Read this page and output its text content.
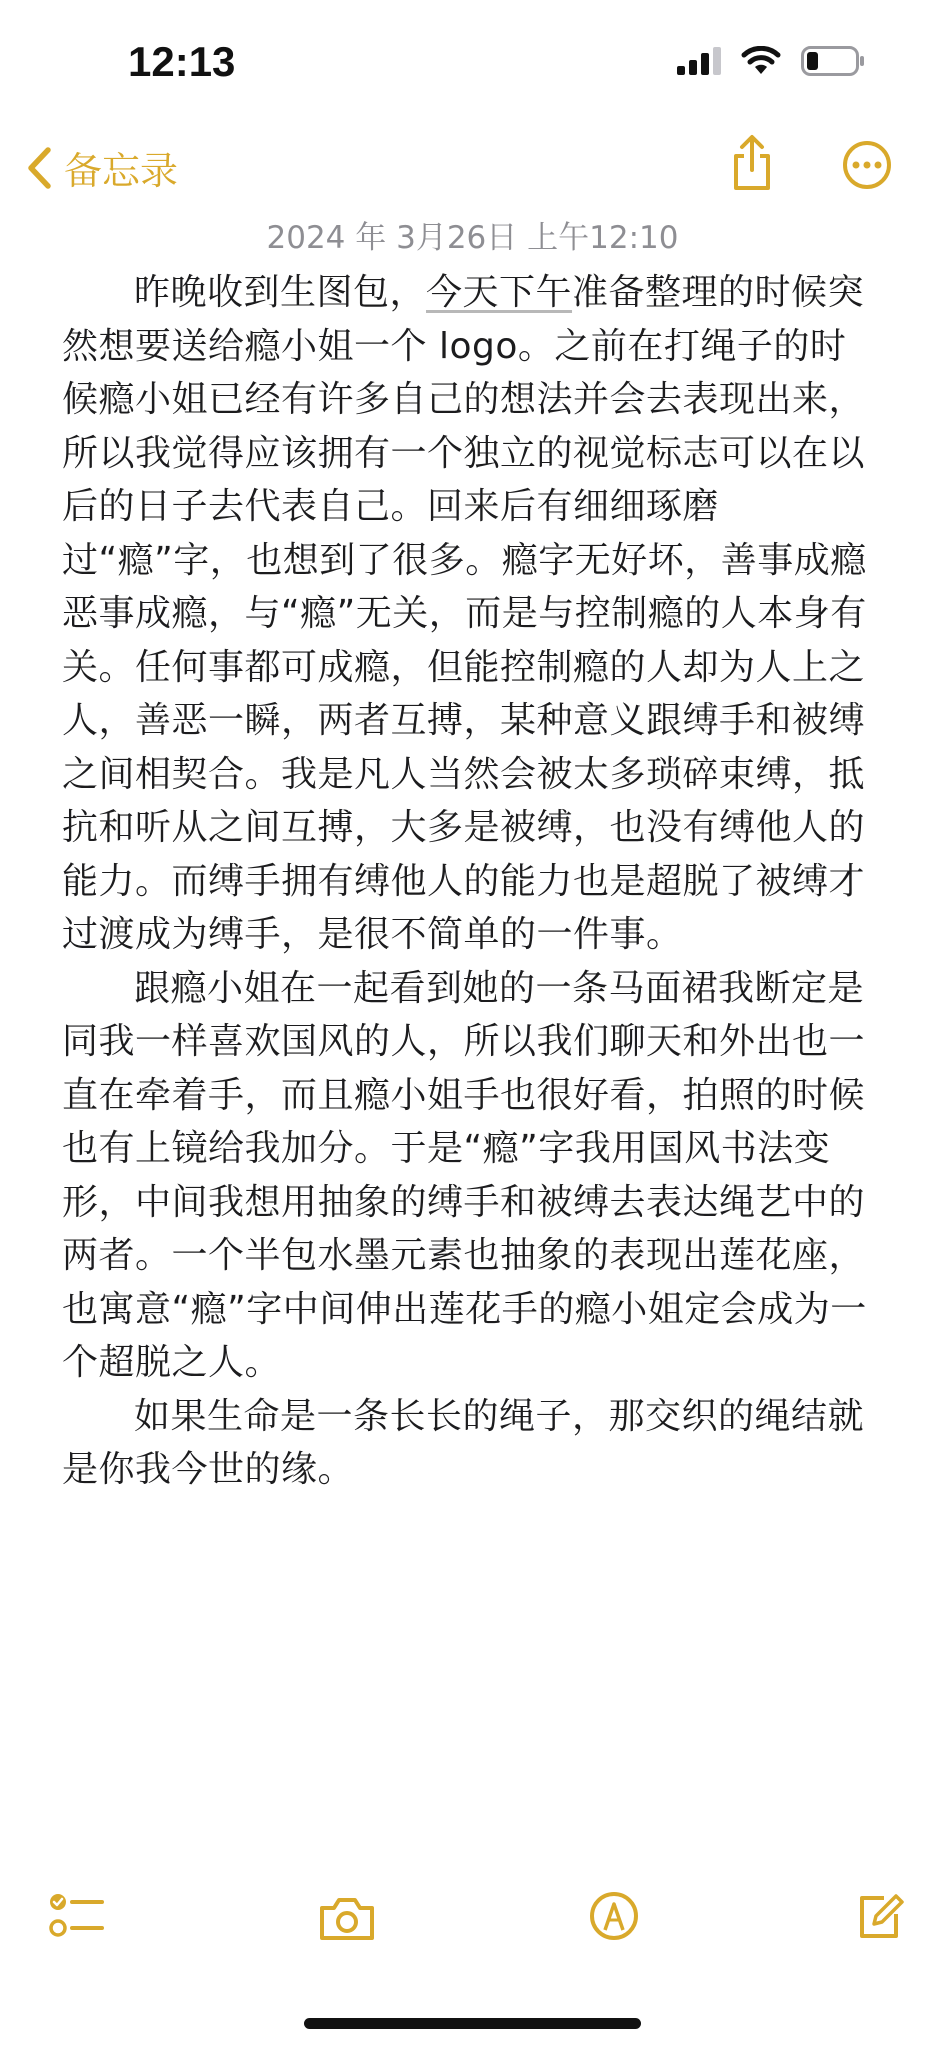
12:13
备忘录
2024 年 3月26日 上午12:10

昨晚收到生图包，今天下午准备整理的时候突然想要送给瘾小姐一个 logo。之前在打绳子的时候瘾小姐已经有许多自己的想法并会去表现出来，所以我觉得应该拥有一个独立的视觉标志可以在以后的日子去代表自己。回来后有细细琢磨过“瘾”字，也想到了很多。瘾字无好坏，善事成瘾恶事成瘾，与“瘾”无关，而是与控制瘾的人本身有关。任何事都可成瘾，但能控制瘾的人却为人上之人，善恶一瞬，两者互搏，某种意义跟缚手和被缚之间相契合。我是凡人当然会被太多琐碎束缚，抵抗和听从之间互搏，大多是被缚，也没有缚他人的能力。而缚手拥有缚他人的能力也是超脱了被缚才过渡成为缚手，是很不简单的一件事。

跟瘾小姐在一起看到她的一条马面裙我断定是同我一样喜欢国风的人，所以我们聊天和外出也一直在牵着手，而且瘾小姐手也很好看，拍照的时候也有上镜给我加分。于是“瘾”字我用国风书法变形，中间我想用抽象的缚手和被缚去表达绳艺中的两者。一个半包水墨元素也抽象的表现出莲花座，也寓意“瘾”字中间伸出莲花手的瘾小姐定会成为一个超脱之人。

如果生命是一条长长的绳子，那交织的绳结就是你我今世的缘。
